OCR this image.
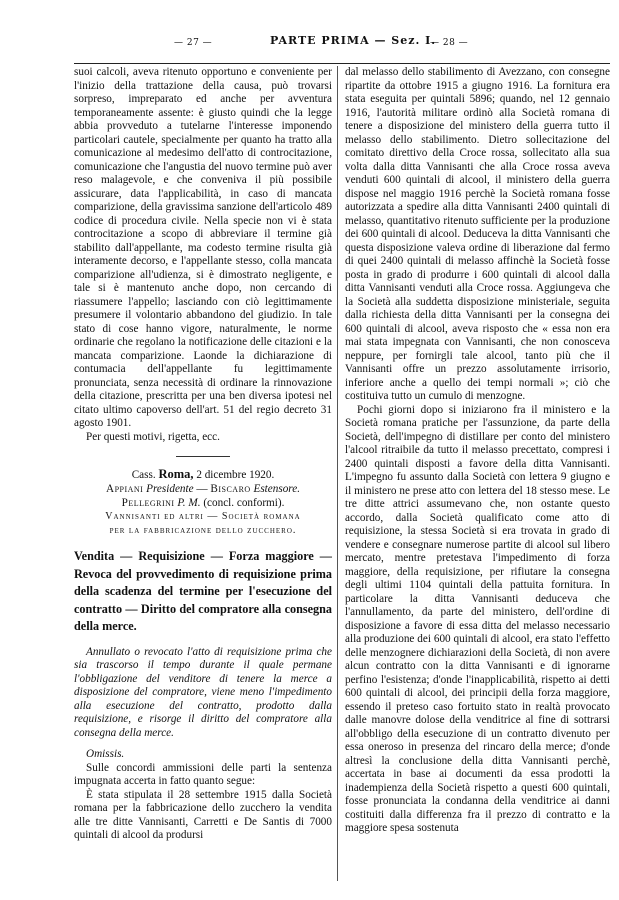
— 27 —	PARTE PRIMA — Sez. I.
— 28 —

suoi calcoli, aveva ritenuto opportuno e conveniente per l'inizio della trattazione della causa, può trovarsi sorpreso, impreparato ed anche per avventura temporaneamente assente: è giusto quindi che la legge abbia provveduto a tutelarne l'interesse imponendo particolari cautele, specialmente per quanto ha tratto alla comunicazione al medesimo dell'atto di controcitazione, comunicazione che l'angustia del nuovo termine può aver reso malagevole, e che conveniva il più possibile assicurare, data l'applicabilità, in caso di mancata comparizione, della gravissima sanzione dell'articolo 489 codice di procedura civile. Nella specie non vi è stata controcitazione a scopo di abbreviare il termine già stabilito dall'appellante, ma codesto termine risulta già interamente decorso, e l'appellante stesso, colla mancata comparizione all'udienza, si è dimostrato negligente, e tale si è mantenuto anche dopo, non cercando di riassumere l'appello; lasciando con ciò legittimamente presumere il volontario abbandono del giudizio. In tale stato di cose hanno vigore, naturalmente, le norme ordinarie che regolano la notificazione delle citazioni e la mancata comparizione. Laonde la dichiarazione di contumacia dell'appellante fu legittimamente pronunciata, senza necessità di ordinare la rinnovazione della citazione, prescritta per una ben diversa ipotesi nel citato ultimo capoverso dell'art. 51 del regio decreto 31 agosto 1901.

Per questi motivi, rigetta, ecc.

Cass. Roma, 2 dicembre 1920.

Appiani Presidente — Biscaro Estensore.

Pellegrini P. M. (concl. conformi).

Vannisanti ed altri — Società romana

per la fabbricazione dello zucchero.

Vendita — Requisizione — Forza maggiore — Revoca del provvedimento di requisizione prima della scadenza del termine per l'esecuzione del contratto — Diritto del compratore alla consegna della merce.

Annullato o revocato l'atto di requisizione prima che sia trascorso il tempo durante il quale permane l'obbligazione del venditore di tenere la merce a disposizione del compratore, viene meno l'impedimento alla esecuzione del contratto, prodotto dalla requisizione, e risorge il diritto del compratore alla consegna della merce.

Omissis.

Sulle concordi ammissioni delle parti la sentenza impugnata accerta in fatto quanto segue:

È stata stipulata il 28 settembre 1915 dalla Società romana per la fabbricazione dello zucchero la vendita alle tre ditte Vannisanti, Carretti e De Santis di 7000 quintali di alcool da prodursi

dal melasso dello stabilimento di Avezzano, con consegne ripartite da ottobre 1915 a giugno 1916. La fornitura era stata eseguita per quintali 5896; quando, nel 12 gennaio 1916, l'autorità militare ordinò alla Società romana di tenere a disposizione del ministero della guerra tutto il melasso dello stabilimento. Dietro sollecitazione del comitato direttivo della Croce rossa, sollecitato alla sua volta dalla ditta Vannisanti che alla Croce rossa aveva venduti 600 quintali di alcool, il ministero della guerra dispose nel maggio 1916 perchè la Società romana fosse autorizzata a spedire alla ditta Vannisanti 2400 quintali di melasso, quantitativo ritenuto sufficiente per la produzione dei 600 quintali di alcool. Deduceva la ditta Vannisanti che questa disposizione valeva ordine di liberazione dal fermo di quei 2400 quintali di melasso affinchè la Società fosse posta in grado di produrre i 600 quintali di alcool dalla ditta Vannisanti venduti alla Croce rossa. Aggiungeva che la Società alla suddetta disposizione ministeriale, seguita dalla richiesta della ditta Vannisanti per la consegna dei 600 quintali di alcool, aveva risposto che « essa non era mai stata impegnata con Vannisanti, che non conosceva neppure, per fornirgli tale alcool, tanto più che il Vannisanti offre un prezzo assolutamente irrisorio, inferiore anche a quello dei tempi normali »; ciò che costituiva tutto un cumulo di menzogne.

Pochi giorni dopo si iniziarono fra il ministero e la Società romana pratiche per l'assunzione, da parte della Società, dell'impegno di distillare per conto del ministero l'alcool ritraibile da tutto il melasso precettato, compresi i 2400 quintali disposti a favore della ditta Vannisanti. L'impegno fu assunto dalla Società con lettera 9 giugno e il ministero ne prese atto con lettera del 18 stesso mese. Le tre ditte attrici assumevano che, non ostante questo accordo, dalla Società qualificato come atto di requisizione, la stessa Società si era trovata in grado di vendere e consegnare numerose partite di alcool sul libero mercato, mentre pretestava l'impedimento di forza maggiore, della requisizione, per rifiutare la consegna degli ultimi 1104 quintali della pattuita fornitura. In particolare la ditta Vannisanti deduceva che l'annullamento, da parte del ministero, dell'ordine di disposizione a favore di essa ditta del melasso necessario alla produzione dei 600 quintali di alcool, era stato l'effetto delle menzognere dichiarazioni della Società, di non avere alcun contratto con la ditta Vannisanti e di ignorarne perfino l'esistenza; d'onde l'inapplicabilità, rispetto ai detti 600 quintali di alcool, dei principii della forza maggiore, essendo il preteso caso fortuito stato in realtà provocato dalle manovre dolose della venditrice al fine di sottrarsi all'obbligo della esecuzione di un contratto divenuto per essa oneroso in presenza del rincaro della merce; d'onde altresì la conclusione della ditta Vannisanti perchè, accertata in base ai documenti da essa prodotti la inadempienza della Società rispetto a questi 600 quintali, fosse pronunciata la condanna della venditrice ai danni costituiti dalla differenza fra il prezzo di contratto e la maggiore spesa sostenuta
